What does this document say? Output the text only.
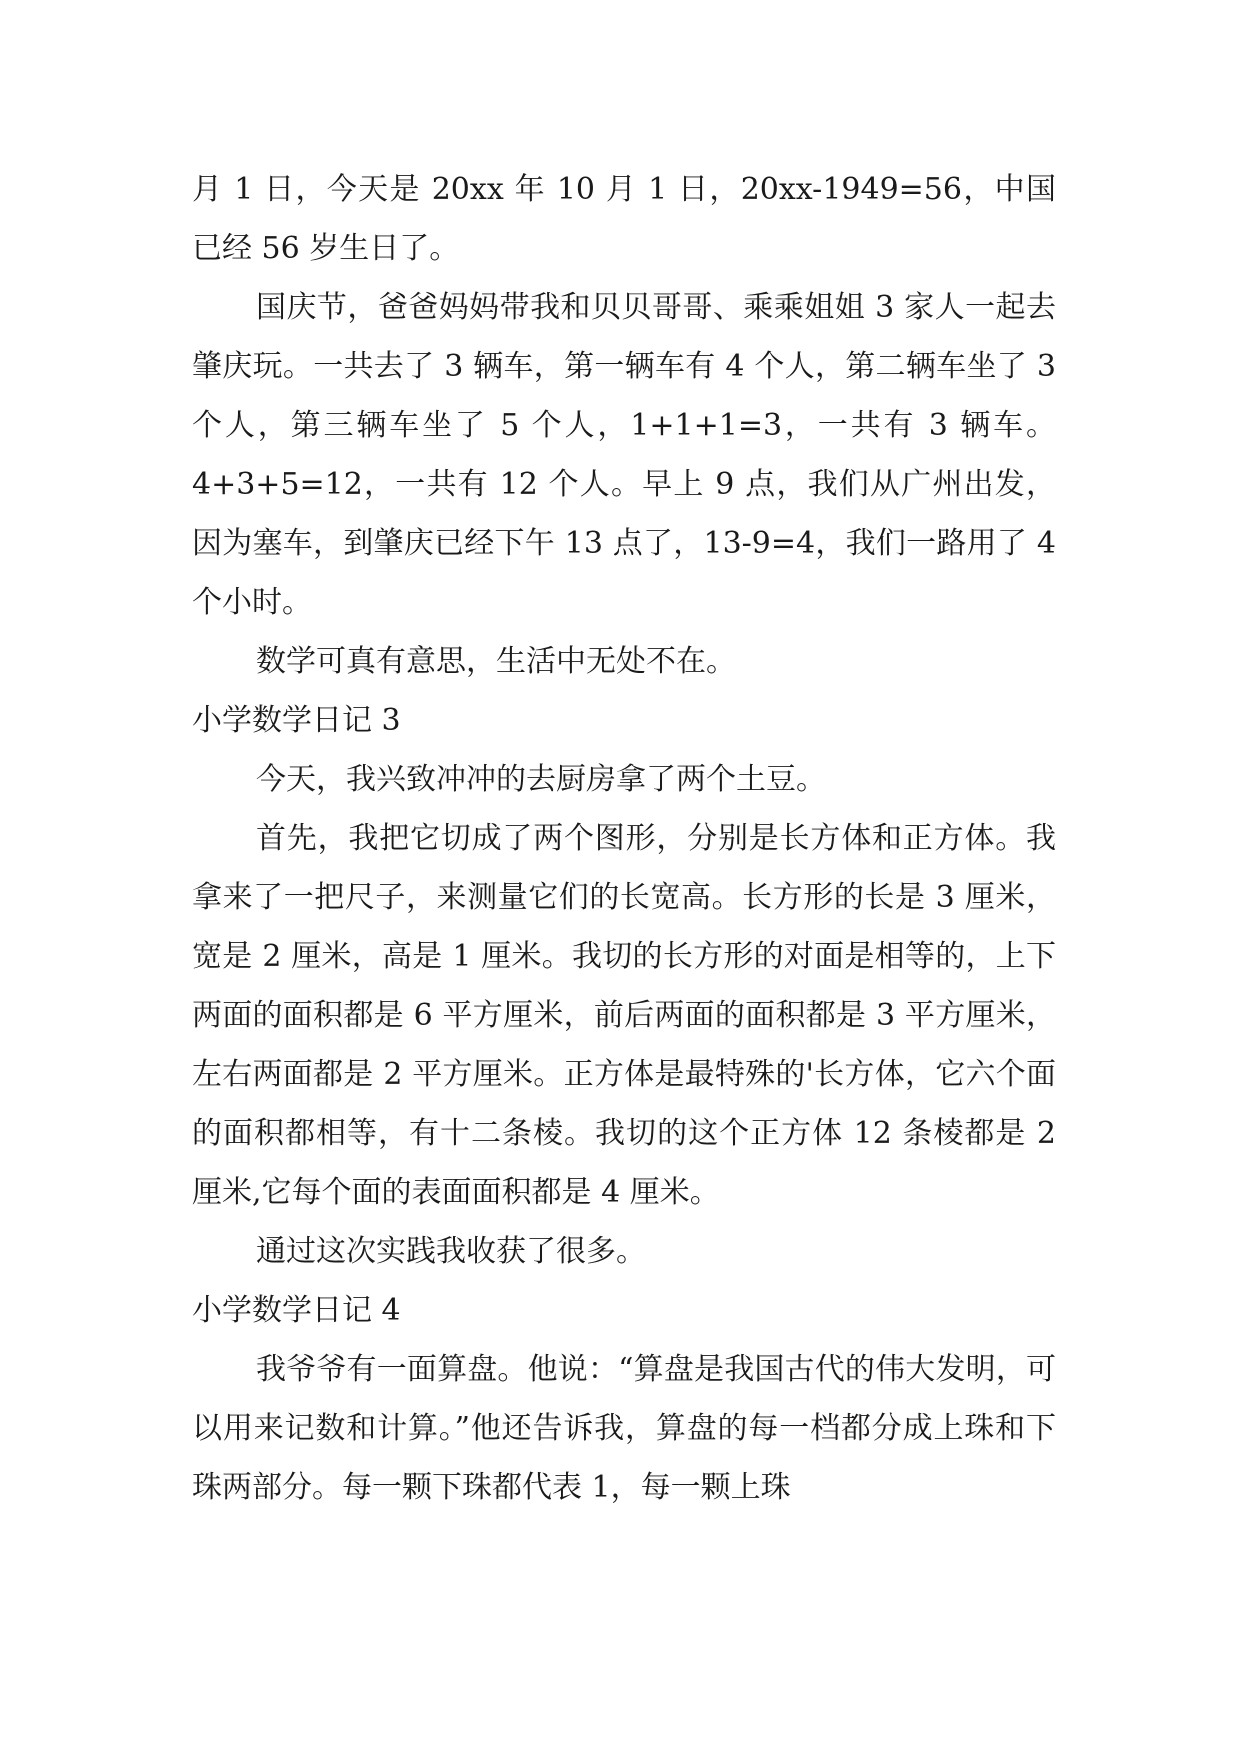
月 1 日，今天是 20xx 年 10 月 1 日，20xx-1949=56，中国已经 56 岁生日了。

国庆节，爸爸妈妈带我和贝贝哥哥、乘乘姐姐 3 家人一起去肇庆玩。一共去了 3 辆车，第一辆车有 4 个人，第二辆车坐了 3 个人，第三辆车坐了 5 个人，1+1+1=3，一共有 3 辆车。4+3+5=12，一共有 12 个人。早上 9 点，我们从广州出发，因为塞车，到肇庆已经下午 13 点了，13-9=4，我们一路用了 4 个小时。

数学可真有意思，生活中无处不在。

小学数学日记 3

今天，我兴致冲冲的去厨房拿了两个土豆。

首先，我把它切成了两个图形，分别是长方体和正方体。我拿来了一把尺子，来测量它们的长宽高。长方形的长是 3 厘米，宽是 2 厘米，高是 1 厘米。我切的长方形的对面是相等的，上下两面的面积都是 6 平方厘米，前后两面的面积都是 3 平方厘米，左右两面都是 2 平方厘米。正方体是最特殊的'长方体，它六个面的面积都相等，有十二条棱。我切的这个正方体 12 条棱都是 2 厘米,它每个面的表面面积都是 4 厘米。

通过这次实践我收获了很多。

小学数学日记 4

我爷爷有一面算盘。他说：“算盘是我国古代的伟大发明，可以用来记数和计算。”他还告诉我，算盘的每一档都分成上珠和下珠两部分。每一颗下珠都代表 1，每一颗上珠
